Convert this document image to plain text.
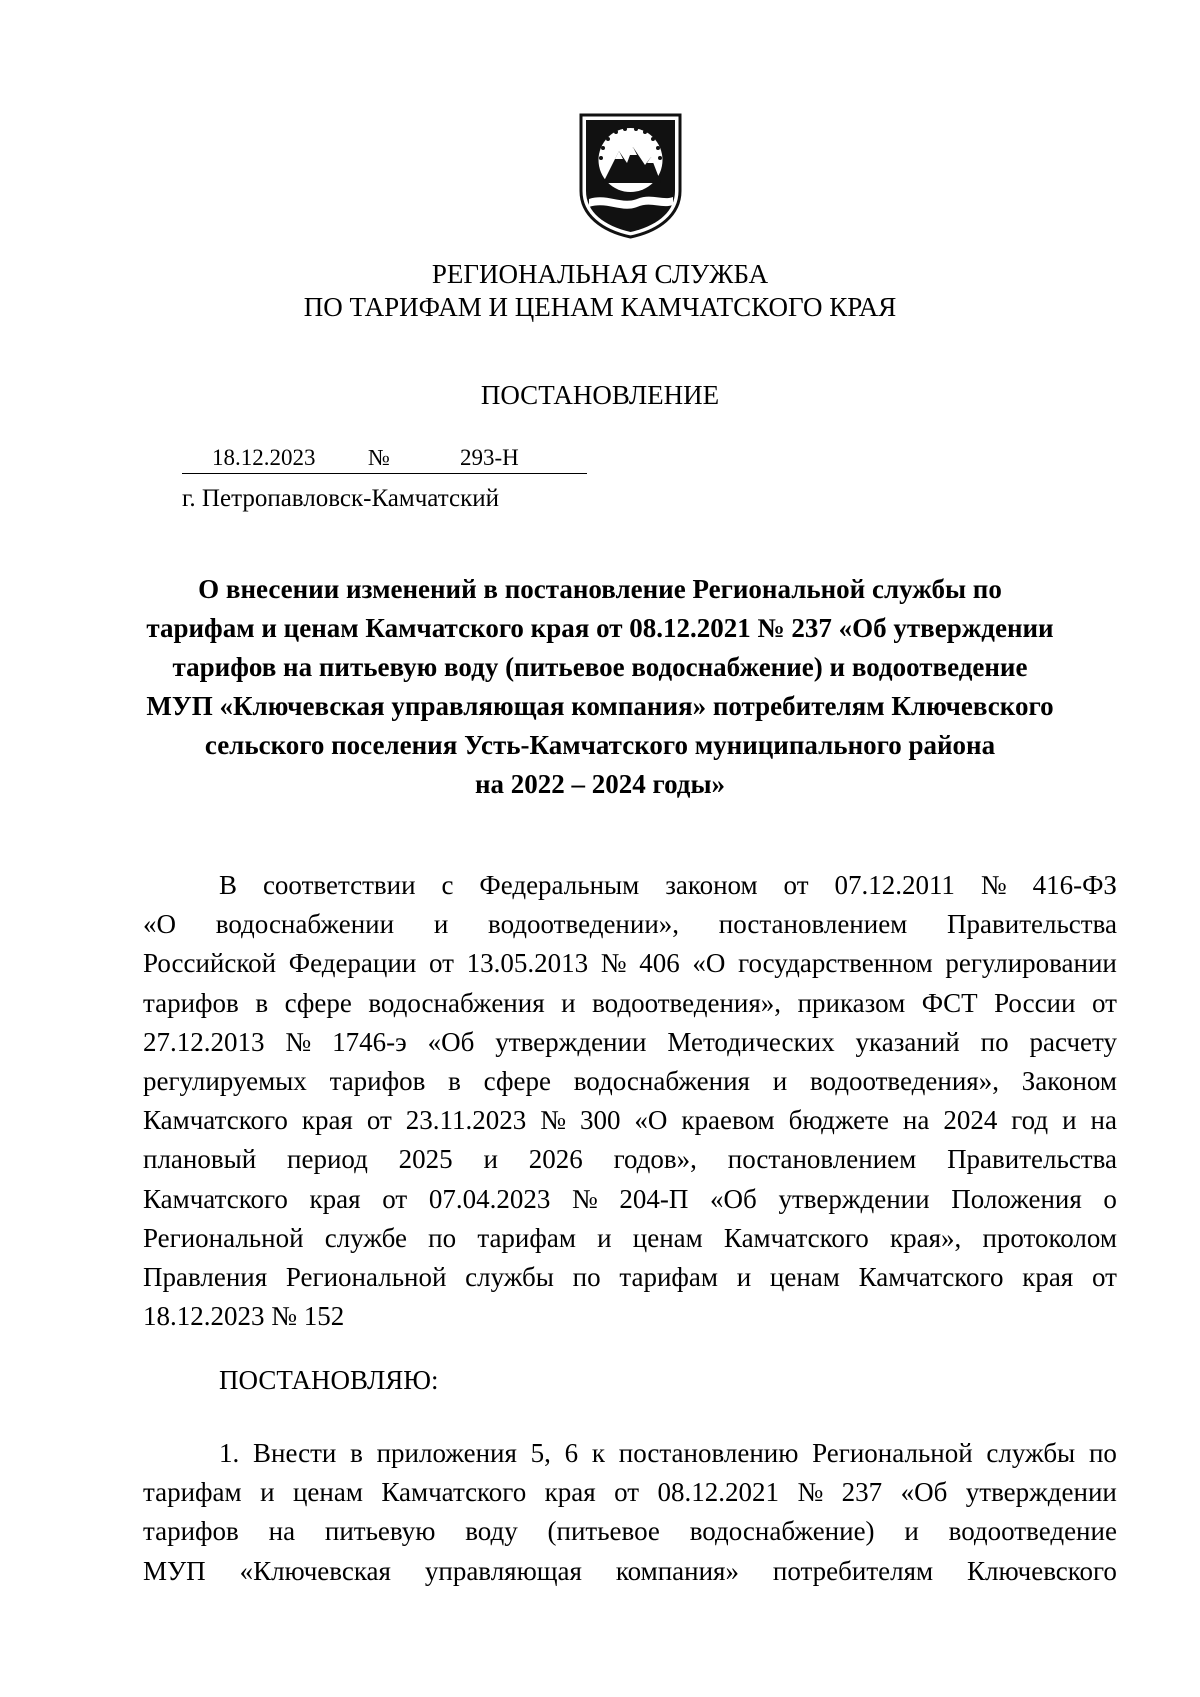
РЕГИОНАЛЬНАЯ СЛУЖБА
ПО ТАРИФАМ И ЦЕНАМ КАМЧАТСКОГО КРАЯ
ПОСТАНОВЛЕНИЕ
18.12.2023 №	293-Н
г. Петропавловск-Камчатский
О внесении изменений в постановление Региональной службы по
тарифам и ценам Камчатского края от 08.12.2021 № 237 «Об утверждении
тарифов на питьевую воду (питьевое водоснабжение) и водоотведение
МУП «Ключевская управляющая компания» потребителям Ключевского
сельского поселения Усть-Камчатского муниципального района
на 2022 – 2024 годы»
В соответствии с Федеральным законом от 07.12.2011 № 416-ФЗ
«О водоснабжении и водоотведении», постановлением Правительства
Российской Федерации от 13.05.2013 № 406 «О государственном регулировании
тарифов в сфере водоснабжения и водоотведения», приказом ФСТ России от
27.12.2013 № 1746-э «Об утверждении Методических указаний по расчету
регулируемых тарифов в сфере водоснабжения и водоотведения», Законом
Камчатского края от 23.11.2023 № 300 «О краевом бюджете на 2024 год и на
плановый период 2025 и 2026 годов», постановлением Правительства
Камчатского края от 07.04.2023 № 204-П «Об утверждении Положения о
Региональной службе по тарифам и ценам Камчатского края», протоколом
Правления Региональной службы по тарифам и ценам Камчатского края от
18.12.2023 № 152
ПОСТАНОВЛЯЮ:
1. Внести в приложения 5, 6 к постановлению Региональной службы по
тарифам и ценам Камчатского края от 08.12.2021 № 237 «Об утверждении
тарифов на питьевую воду (питьевое водоснабжение) и водоотведение
МУП «Ключевская управляющая компания» потребителям Ключевского
